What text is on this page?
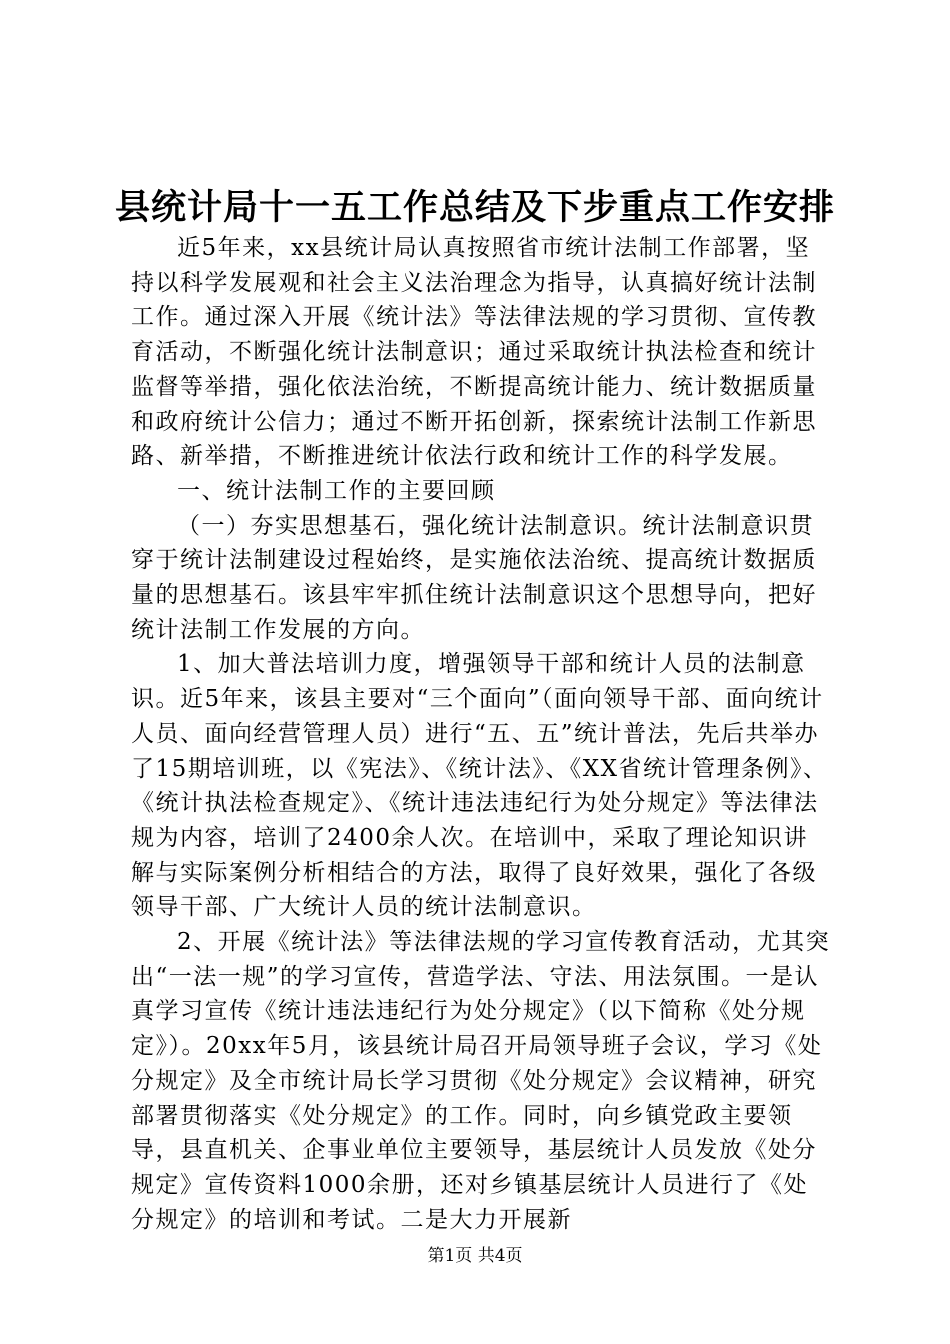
县统计局十一五工作总结及下步重点工作安排

近5年来，xx县统计局认真按照省市统计法制工作部署，坚持以科学发展观和社会主义法治理念为指导，认真搞好统计法制工作。通过深入开展《统计法》等法律法规的学习贯彻、宣传教育活动，不断强化统计法制意识；通过采取统计执法检查和统计监督等举措，强化依法治统，不断提高统计能力、统计数据质量和政府统计公信力；通过不断开拓创新，探索统计法制工作新思路、新举措，不断推进统计依法行政和统计工作的科学发展。

一、统计法制工作的主要回顾

（一）夯实思想基石，强化统计法制意识。统计法制意识贯穿于统计法制建设过程始终，是实施依法治统、提高统计数据质量的思想基石。该县牢牢抓住统计法制意识这个思想导向，把好统计法制工作发展的方向。

1、加大普法培训力度，增强领导干部和统计人员的法制意识。近5年来，该县主要对“三个面向”（面向领导干部、面向统计人员、面向经营管理人员）进行“五、五”统计普法，先后共举办了15期培训班，以《宪法》、《统计法》、《XX省统计管理条例》、《统计执法检查规定》、《统计违法违纪行为处分规定》等法律法规为内容，培训了2400余人次。在培训中，采取了理论知识讲解与实际案例分析相结合的方法，取得了良好效果，强化了各级领导干部、广大统计人员的统计法制意识。

2、开展《统计法》等法律法规的学习宣传教育活动，尤其突出“一法一规”的学习宣传，营造学法、守法、用法氛围。一是认真学习宣传《统计违法违纪行为处分规定》（以下简称《处分规定》）。20xx年5月，该县统计局召开局领导班子会议，学习《处分规定》及全市统计局长学习贯彻《处分规定》会议精神，研究部署贯彻落实《处分规定》的工作。同时，向乡镇党政主要领导，县直机关、企事业单位主要领导，基层统计人员发放《处分规定》宣传资料1000余册，还对乡镇基层统计人员进行了《处分规定》的培训和考试。二是大力开展新

第1页 共4页
